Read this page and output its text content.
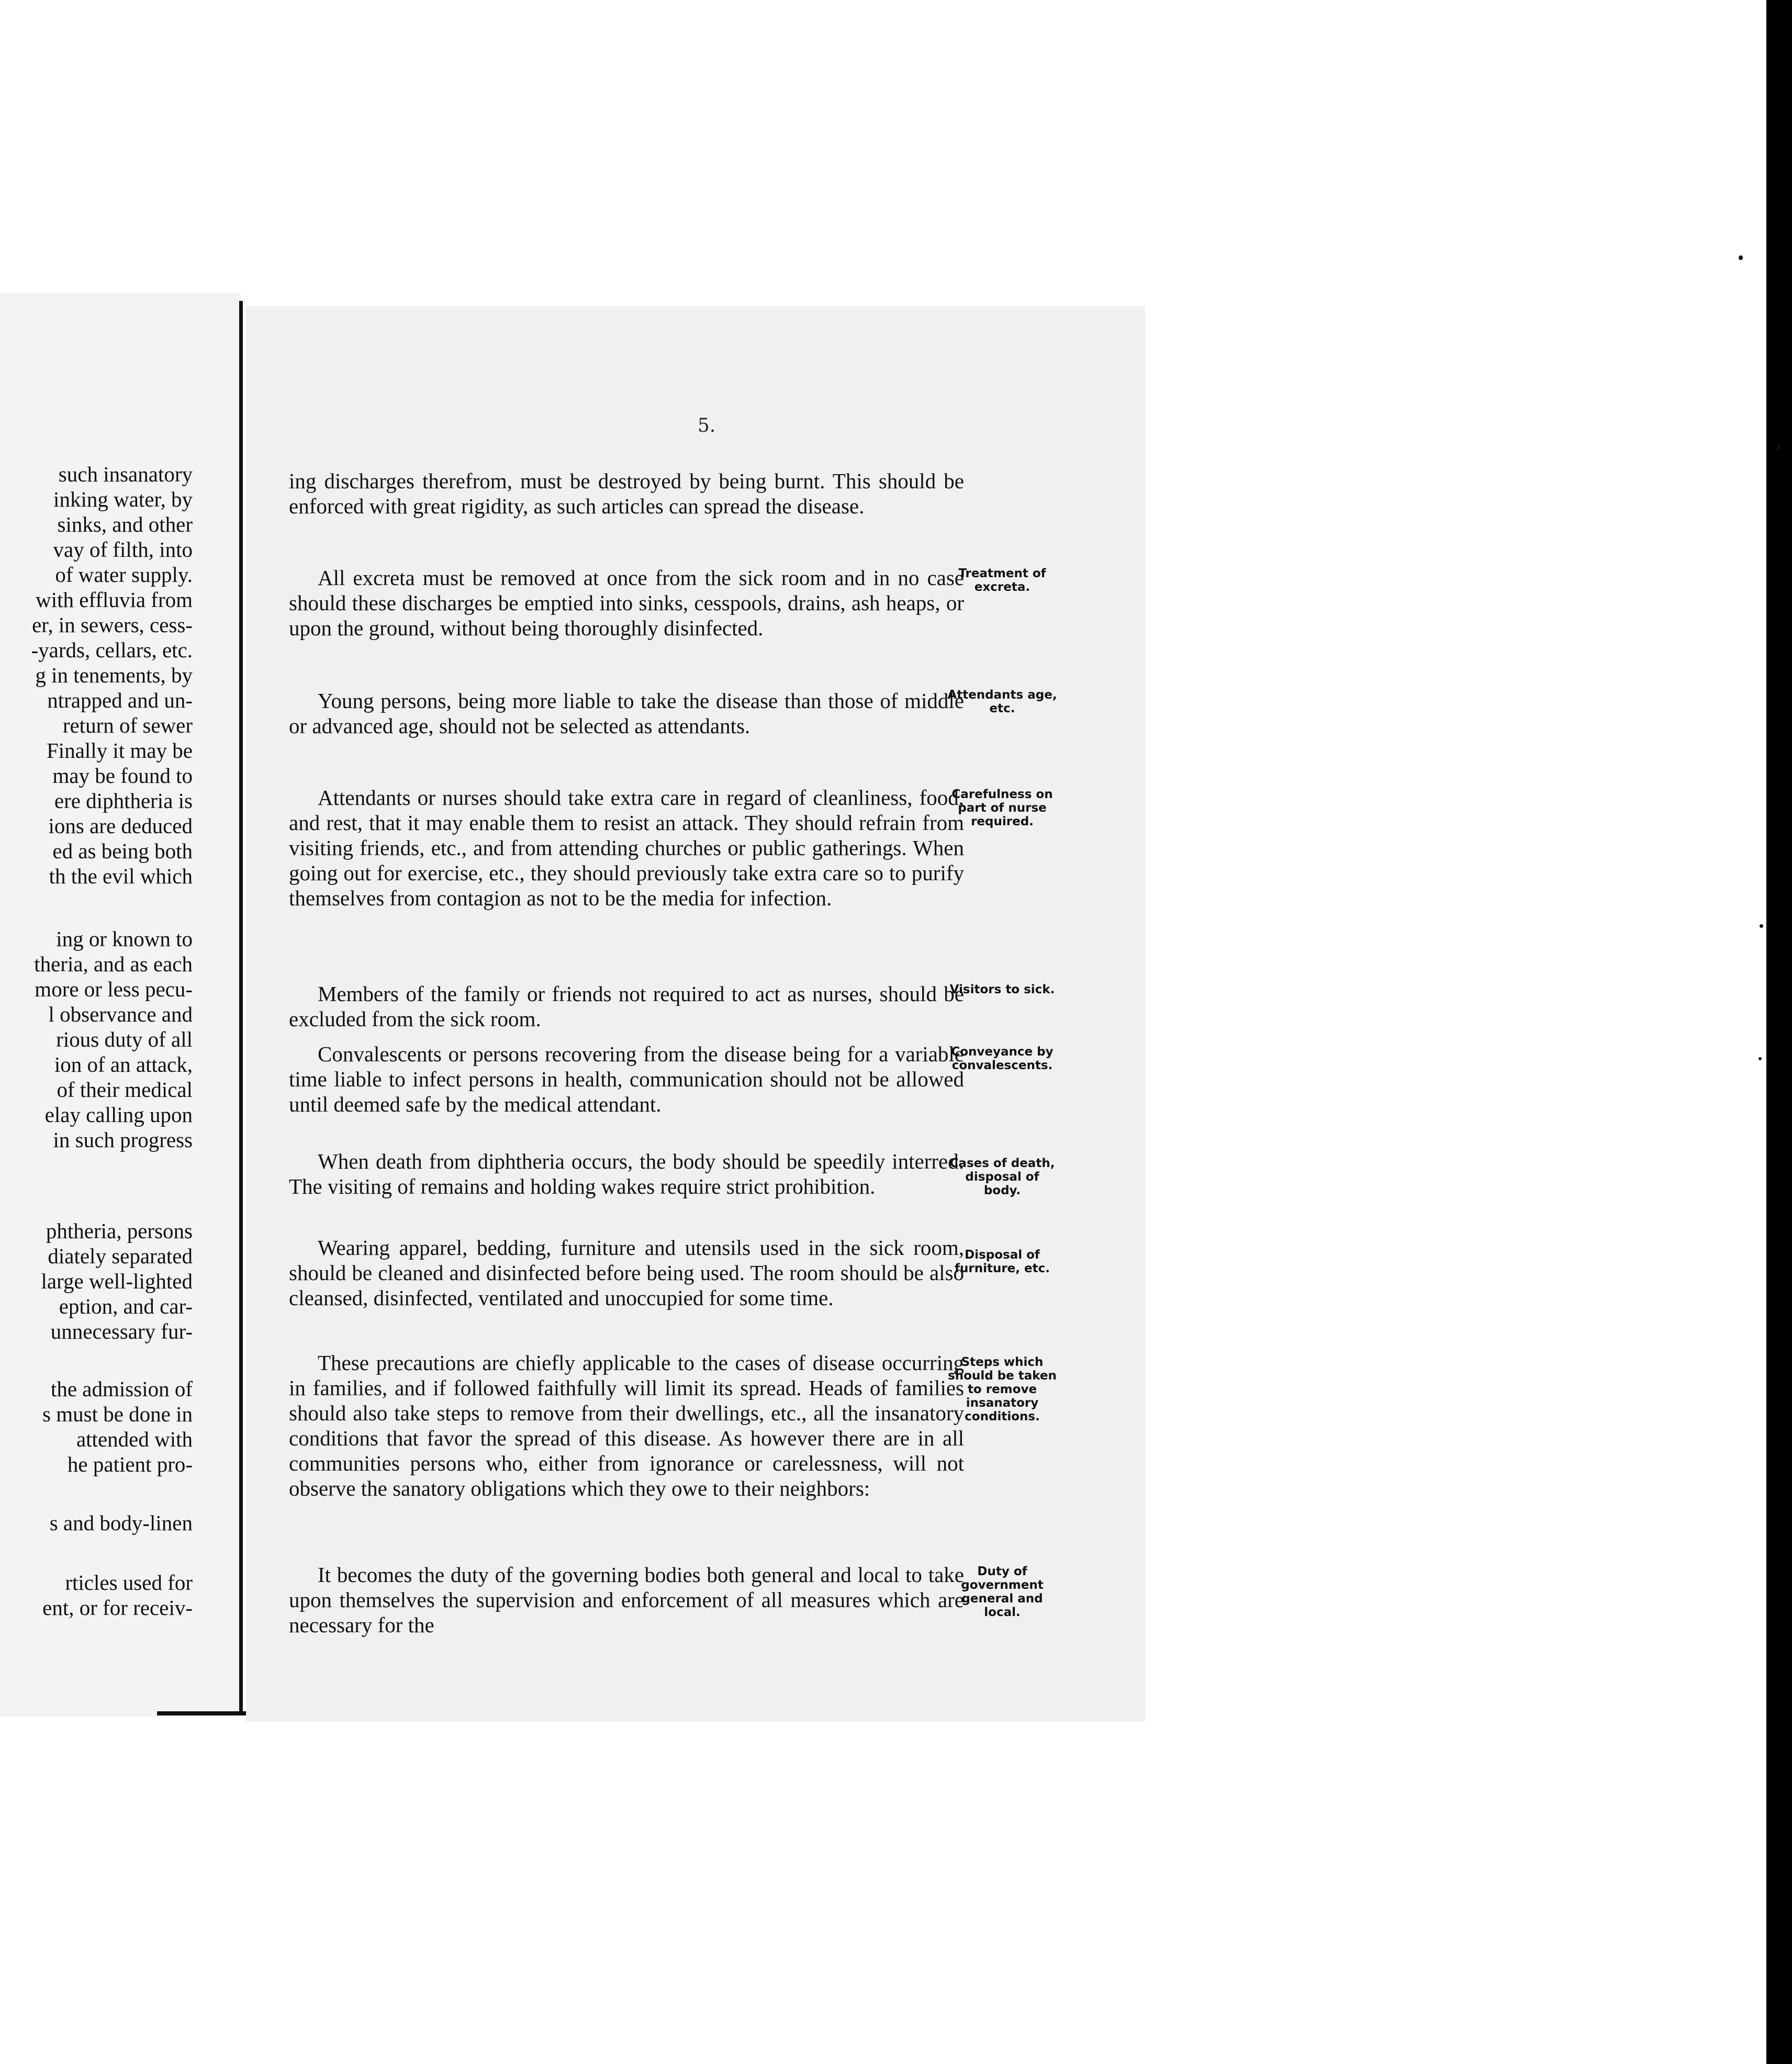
such insanatory
inking water, by
sinks, and other
vay of filth, into
of water supply.
with effluvia from
er, in sewers, cess-
-yards, cellars, etc.
g in tenements, by
ntrapped and un-
return of sewer
Finally it may be
may be found to
ere diphtheria is
ions are deduced
ed as being both
th the evil which
ing or known to
theria, and as each
more or less pecu-
l observance and
rious duty of all
ion of an attack,
of their medical
elay calling upon
in such progress
phtheria, persons
diately separated
large well-lighted
eption, and car-
unnecessary fur-
the admission of
s must be done in
attended with
he patient pro-
s and body-linen
rticles used for
ent, or for receiv-
5.

ing discharges therefrom, must be destroyed by being burnt. This should be enforced with great rigidity, as such articles can spread the disease.

All excreta must be removed at once from the sick room and in no case should these discharges be emptied into sinks, cesspools, drains, ash heaps, or upon the ground, without being thoroughly disinfected.

Young persons, being more liable to take the disease than those of middle or advanced age, should not be selected as attendants.

Attendants or nurses should take extra care in regard of cleanliness, food, and rest, that it may enable them to resist an attack. They should refrain from visiting friends, etc., and from attending churches or public gatherings. When going out for exercise, etc., they should previously take extra care so to purify themselves from contagion as not to be the media for infection.

Members of the family or friends not required to act as nurses, should be excluded from the sick room.

Convalescents or persons recovering from the disease being for a variable time liable to infect persons in health, communication should not be allowed until deemed safe by the medical attendant.

When death from diphtheria occurs, the body should be speedily interred. The visiting of remains and holding wakes require strict prohibition.

Wearing apparel, bedding, furniture and utensils used in the sick room, should be cleaned and disinfected before being used. The room should be also cleansed, disinfected, ventilated and unoccupied for some time.

These precautions are chiefly applicable to the cases of disease occurring in families, and if followed faithfully will limit its spread. Heads of families should also take steps to remove from their dwellings, etc., all the insanatory conditions that favor the spread of this disease. As however there are in all communities persons who, either from ignorance or carelessness, will not observe the sanatory obligations which they owe to their neighbors:

It becomes the duty of the governing bodies both general and local to take upon themselves the supervision and enforcement of all measures which are necessary for the

Treatment of excreta.
Attendants age, etc.
Carefulness on part of nurse required.
Visitors to sick.
Conveyance by convalescents.
Cases of death, disposal of body.
Disposal of furniture, etc.
Steps which should be taken to remove insanatory conditions.
Duty of government general and local.
